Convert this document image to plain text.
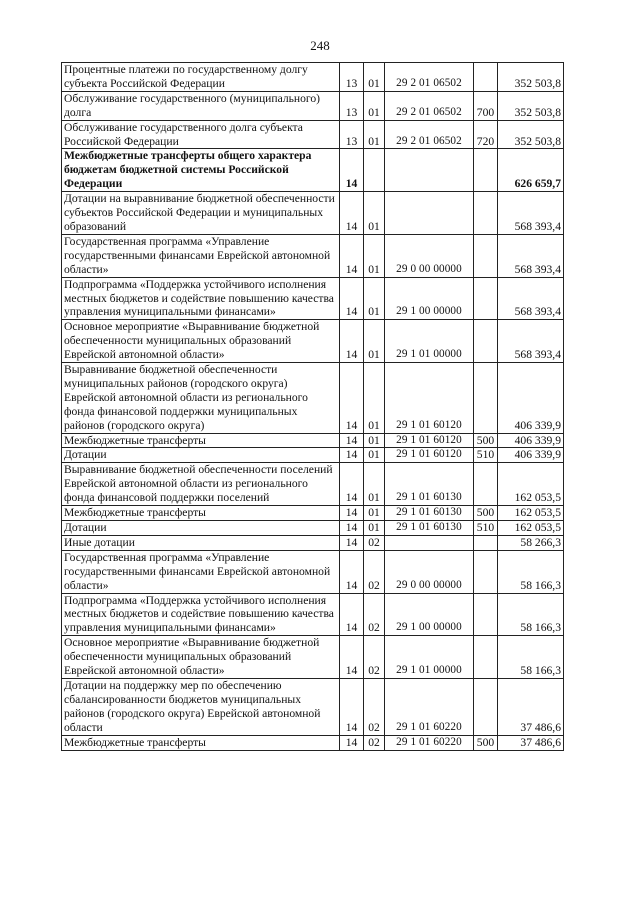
248
Процентные платежи по государственному долгу субъекта Российской Федерации	13	01	29 2 01 06502		352 503,8
Обслуживание государственного (муниципального) долга	13	01	29 2 01 06502	700	352 503,8
Обслуживание государственного долга субъекта Российской Федерации	13	01	29 2 01 06502	720	352 503,8
Межбюджетные трансферты общего характера бюджетам бюджетной системы Российской Федерации	14				626 659,7
Дотации на выравнивание бюджетной обеспеченности субъектов Российской Федерации и муниципальных образований	14	01			568 393,4
Государственная программа «Управление государственными финансами Еврейской автономной области»	14	01	29 0 00 00000		568 393,4
Подпрограмма «Поддержка устойчивого исполнения местных бюджетов и содействие повышению качества управления муниципальными финансами»	14	01	29 1 00 00000		568 393,4
Основное мероприятие «Выравнивание бюджетной обеспеченности муниципальных образований Еврейской автономной области»	14	01	29 1 01 00000		568 393,4
Выравнивание бюджетной обеспеченности муниципальных районов (городского округа) Еврейской автономной области из регионального фонда финансовой поддержки муниципальных районов (городского округа)	14	01	29 1 01 60120		406 339,9
Межбюджетные трансферты	14	01	29 1 01 60120	500	406 339,9
Дотации	14	01	29 1 01 60120	510	406 339,9
Выравнивание бюджетной обеспеченности поселений Еврейской автономной области из регионального фонда финансовой поддержки поселений	14	01	29 1 01 60130		162 053,5
Межбюджетные трансферты	14	01	29 1 01 60130	500	162 053,5
Дотации	14	01	29 1 01 60130	510	162 053,5
Иные дотации	14	02			58 266,3
Государственная программа «Управление государственными финансами Еврейской автономной области»	14	02	29 0 00 00000		58 166,3
Подпрограмма «Поддержка устойчивого исполнения местных бюджетов и содействие повышению качества управления муниципальными финансами»	14	02	29 1 00 00000		58 166,3
Основное мероприятие «Выравнивание бюджетной обеспеченности муниципальных образований Еврейской автономной области»	14	02	29 1 01 00000		58 166,3
Дотации на поддержку мер по обеспечению сбалансированности бюджетов муниципальных районов (городского округа) Еврейской автономной области	14	02	29 1 01 60220		37 486,6
Межбюджетные трансферты	14	02	29 1 01 60220	500	37 486,6
